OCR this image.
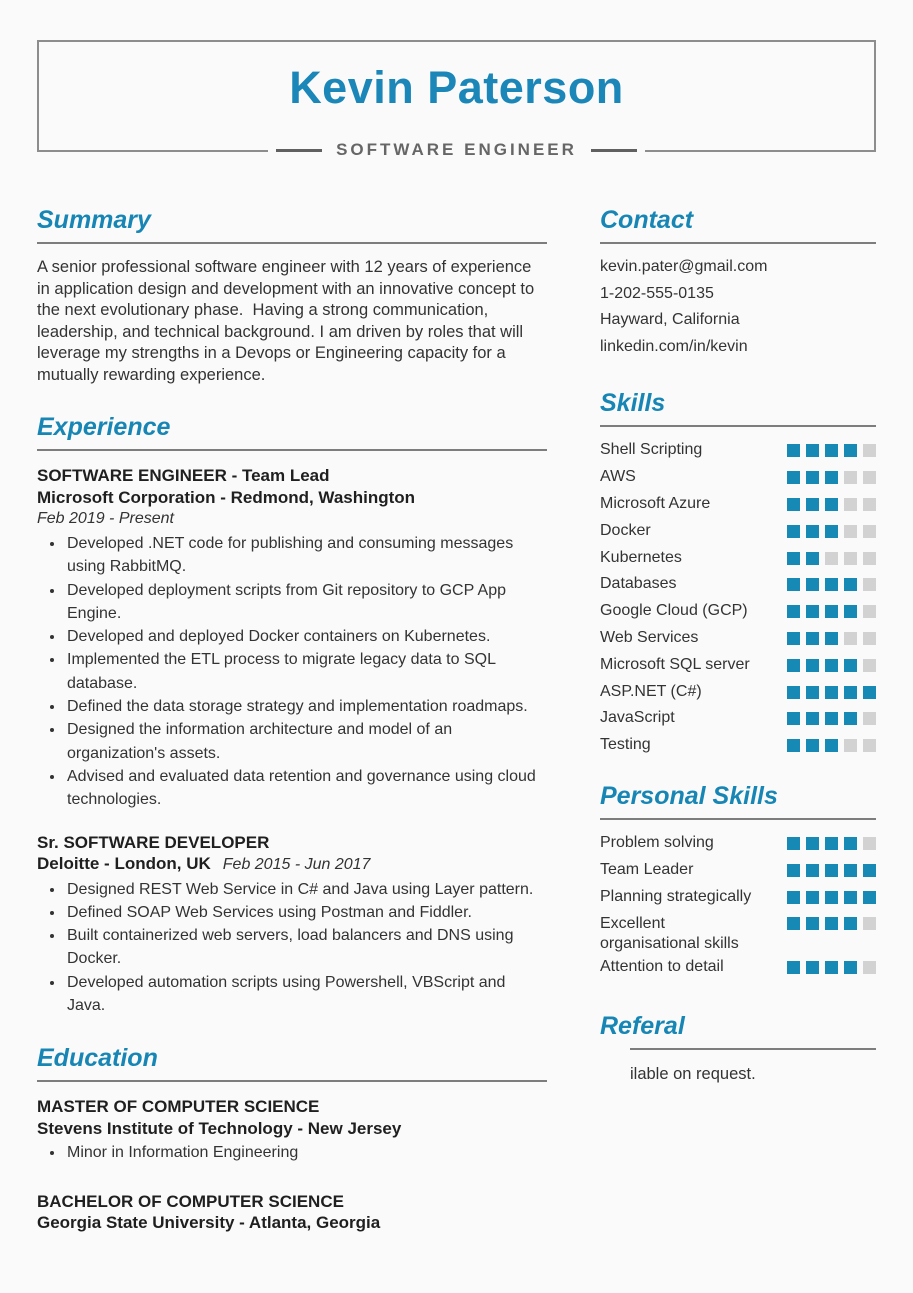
Kevin Paterson
SOFTWARE ENGINEER
Summary
A senior professional software engineer with 12 years of experience in application design and development with an innovative concept to the next evolutionary phase.  Having a strong communication, leadership, and technical background. I am driven by roles that will leverage my strengths in a Devops or Engineering capacity for a mutually rewarding experience.
Experience
SOFTWARE ENGINEER - Team Lead
Microsoft Corporation - Redmond, Washington
Feb 2019 - Present
• Developed .NET code for publishing and consuming messages using RabbitMQ.
• Developed deployment scripts from Git repository to GCP App Engine.
• Developed and deployed Docker containers on Kubernetes.
• Implemented the ETL process to migrate legacy data to SQL database.
• Defined the data storage strategy and implementation roadmaps.
• Designed the information architecture and model of an organization's assets.
• Advised and evaluated data retention and governance using cloud technologies.
Sr. SOFTWARE DEVELOPER
Deloitte - London, UK Feb 2015 - Jun 2017
• Designed REST Web Service in C# and Java using Layer pattern.
• Defined SOAP Web Services using Postman and Fiddler.
• Built containerized web servers, load balancers and DNS using Docker.
• Developed automation scripts using Powershell, VBScript and Java.
Education
MASTER OF COMPUTER SCIENCE
Stevens Institute of Technology - New Jersey
• Minor in Information Engineering
BACHELOR OF COMPUTER SCIENCE
Georgia State University - Atlanta, Georgia
Contact
kevin.pater@gmail.com
1-202-555-0135
Hayward, California
linkedin.com/in/kevin
Skills
Shell Scripting
AWS
Microsoft Azure
Docker
Kubernetes
Databases
Google Cloud (GCP)
Web Services
Microsoft SQL server
ASP.NET (C#)
JavaScript
Testing
Personal Skills
Problem solving
Team Leader
Planning strategically
Excellent organisational skills
Attention to detail
Referal
ilable on request.
